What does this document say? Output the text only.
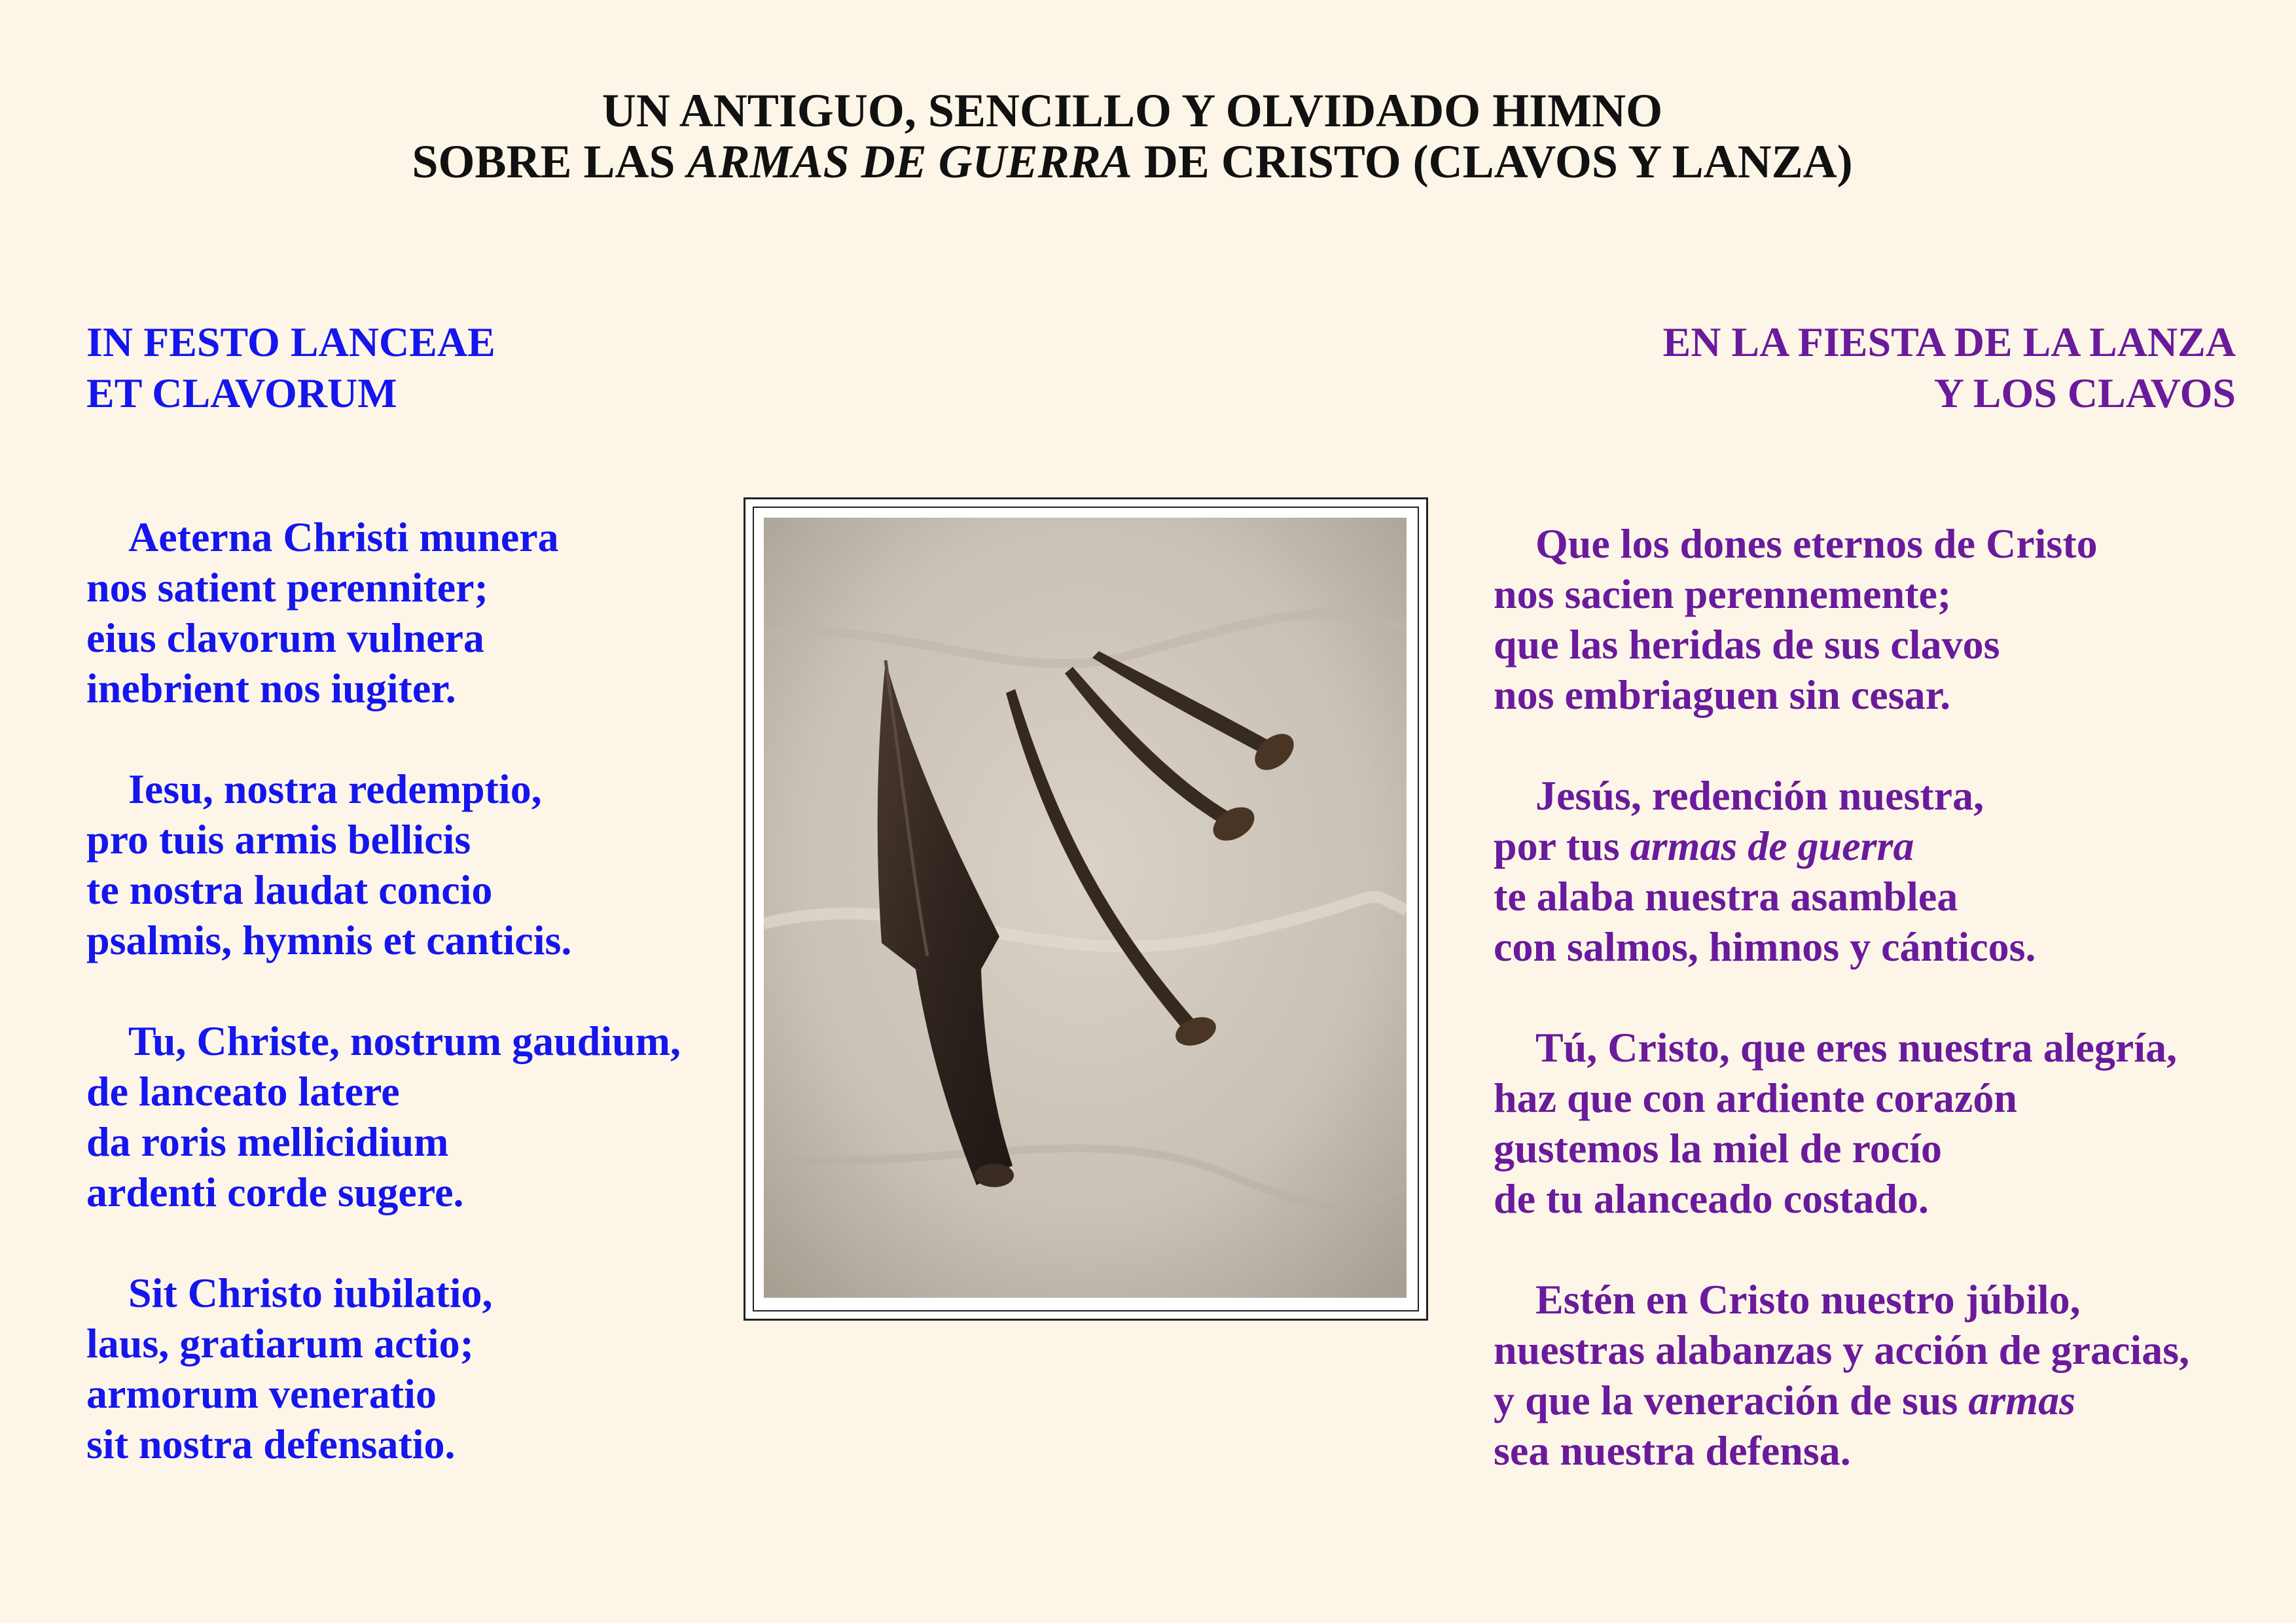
UN ANTIGUO, SENCILLO Y OLVIDADO HIMNO
SOBRE LAS ARMAS DE GUERRA DE CRISTO (CLAVOS Y LANZA)
IN FESTO LANCEAE
ET CLAVORUM
EN LA FIESTA DE LA LANZA
Y LOS CLAVOS
Aeterna Christi munera
nos satient perenniter;
eius clavorum vulnera
inebrient nos iugiter.
Iesu, nostra redemptio,
pro tuis armis bellicis
te nostra laudat concio
psalmis, hymnis et canticis.
Tu, Christe, nostrum gaudium,
de lanceato latere
da roris mellicidium
ardenti corde sugere.
Sit Christo iubilatio,
laus, gratiarum actio;
armorum veneratio
sit nostra defensatio.
Que los dones eternos de Cristo
nos sacien perennemente;
que las heridas de sus clavos
nos embriaguen sin cesar.
Jesús, redención nuestra,
por tus armas de guerra
te alaba nuestra asamblea
con salmos, himnos y cánticos.
Tú, Cristo, que eres nuestra alegría,
haz que con ardiente corazón
gustemos la miel de rocío
de tu alanceado costado.
Estén en Cristo nuestro júbilo,
nuestras alabanzas y acción de gracias,
y que la veneración de sus armas
sea nuestra defensa.
